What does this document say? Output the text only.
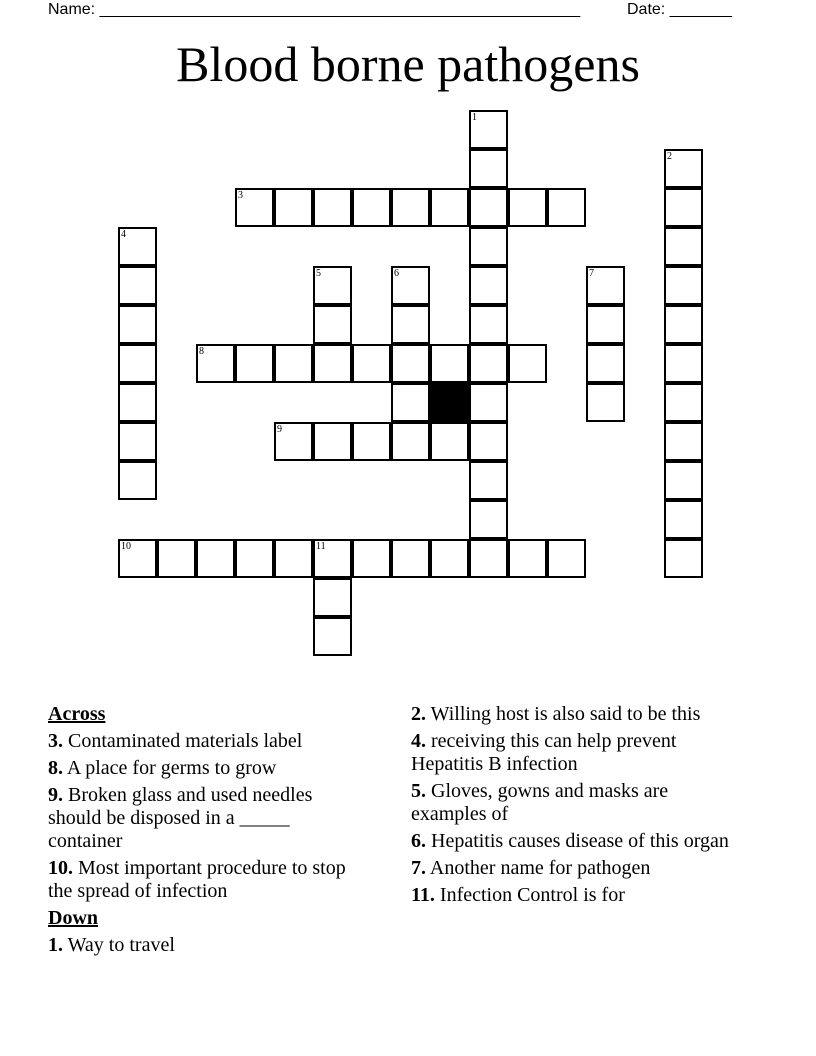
Name: ______________________________________________________	Date: _______
Blood borne pathogens
1
2
3
4
5	6	7
8
9
10	11
Across
3. Contaminated materials label
8. A place for germs to grow
9. Broken glass and used needles should be disposed in a _____ container
10. Most important procedure to stop the spread of infection
Down
1. Way to travel
2. Willing host is also said to be this
4. receiving this can help prevent Hepatitis B infection
5. Gloves, gowns and masks are examples of
6. Hepatitis causes disease of this organ
7. Another name for pathogen
11. Infection Control is for
